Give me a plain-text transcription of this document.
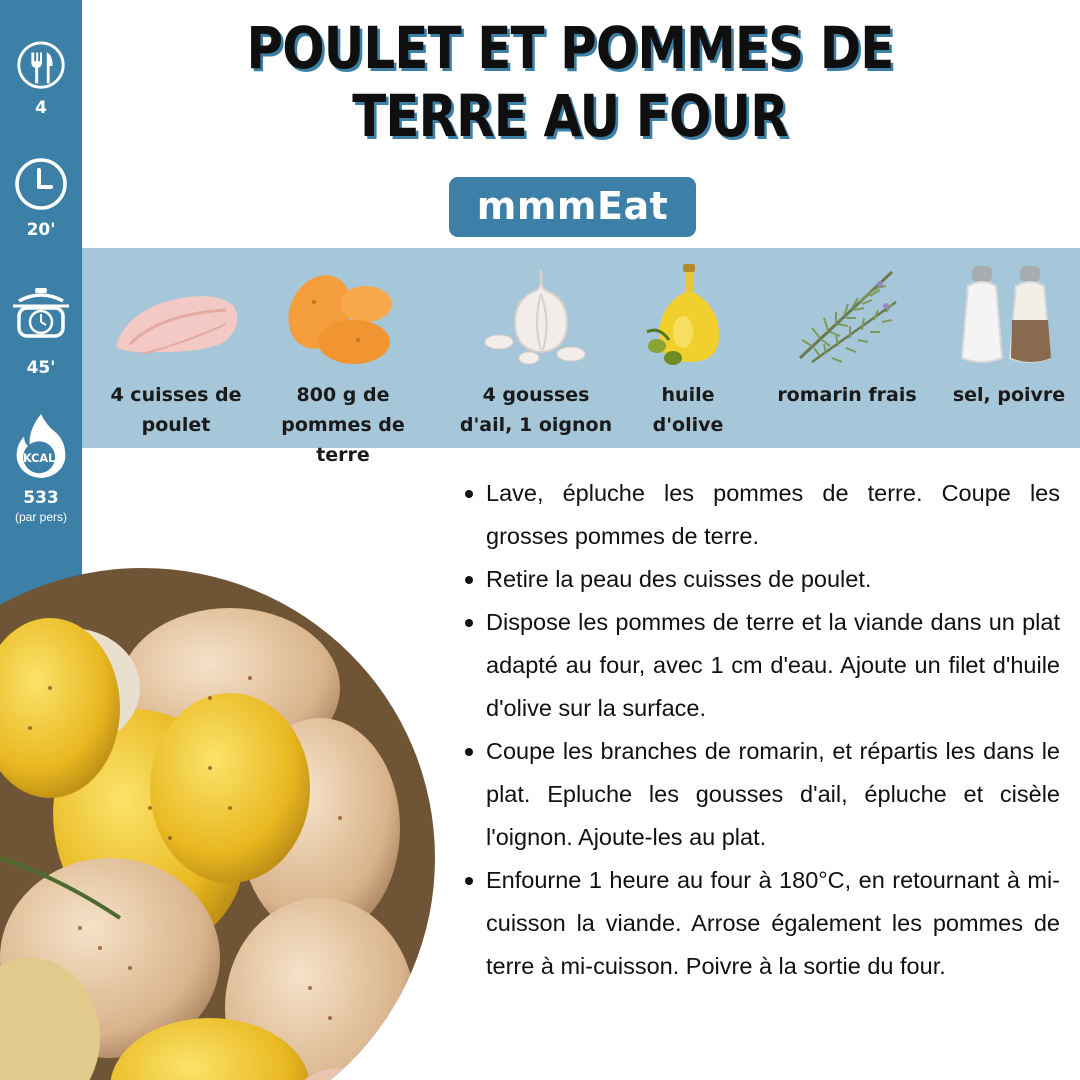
4
20'
45'
KCAL
533
(par pers)
POULET ET POMMES DE TERRE AU FOUR
mmmEat
4 cuisses de poulet
800 g de pommes de terre
4 gousses d'ail, 1 oignon
huile d'olive
romarin frais	sel, poivre
Lave, épluche les pommes de terre. Coupe les grosses pommes de terre.
Retire la peau des cuisses de poulet.
Dispose les pommes de terre et la viande dans un plat adapté au four, avec 1 cm d'eau. Ajoute un filet d'huile d'olive sur la surface.
Coupe les branches de romarin, et répartis les dans le plat. Epluche les gousses d'ail, épluche et cisèle l'oignon. Ajoute-les au plat.
Enfourne 1 heure au four à 180°C, en retournant à mi-cuisson la viande. Arrose également les pommes de terre à mi-cuisson. Poivre à la sortie du four.
